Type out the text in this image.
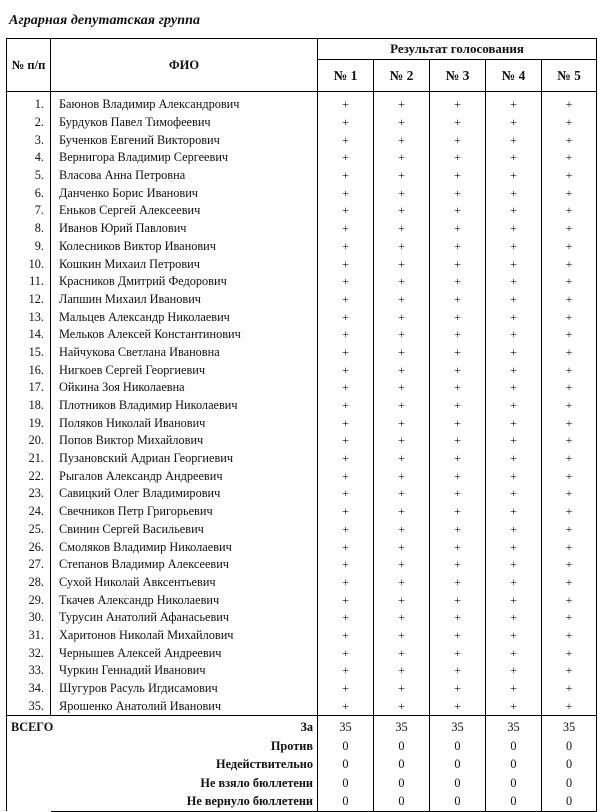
Аграрная депутатская группа
№ п/п	ФИО	Результат голосования				
		№ 1	№ 2	№ 3	№ 4	№ 5
1.	Баюнов Владимир Александрович	+	+	+	+	+
2.	Бурдуков Павел Тимофеевич	+	+	+	+	+
3.	Бученков Евгений Викторович	+	+	+	+	+
4.	Вернигора Владимир Сергеевич	+	+	+	+	+
5.	Власова Анна Петровна	+	+	+	+	+
6.	Данченко Борис Иванович	+	+	+	+	+
7.	Еньков Сергей Алексеевич	+	+	+	+	+
8.	Иванов Юрий Павлович	+	+	+	+	+
9.	Колесников Виктор Иванович	+	+	+	+	+
10.	Кошкин Михаил Петрович	+	+	+	+	+
11.	Красников Дмитрий Федорович	+	+	+	+	+
12.	Лапшин Михаил Иванович	+	+	+	+	+
13.	Мальцев Александр Николаевич	+	+	+	+	+
14.	Мельков Алексей Константинович	+	+	+	+	+
15.	Найчукова Светлана Ивановна	+	+	+	+	+
16.	Нигкоев Сергей Георгиевич	+	+	+	+	+
17.	Ойкина Зоя Николаевна	+	+	+	+	+
18.	Плотников Владимир Николаевич	+	+	+	+	+
19.	Поляков Николай Иванович	+	+	+	+	+
20.	Попов Виктор Михайлович	+	+	+	+	+
21.	Пузановский Адриан Георгиевич	+	+	+	+	+
22.	Рыгалов Александр Андреевич	+	+	+	+	+
23.	Савицкий Олег Владимирович	+	+	+	+	+
24.	Свечников Петр Григорьевич	+	+	+	+	+
25.	Свинин Сергей Васильевич	+	+	+	+	+
26.	Смоляков Владимир Николаевич	+	+	+	+	+
27.	Степанов Владимир Алексеевич	+	+	+	+	+
28.	Сухой Николай Авксентьевич	+	+	+	+	+
29.	Ткачев Александр Николаевич	+	+	+	+	+
30.	Турусин Анатолий Афанасьевич	+	+	+	+	+
31.	Харитонов Николай Михайлович	+	+	+	+	+
32.	Чернышев Алексей Андреевич	+	+	+	+	+
33.	Чуркин Геннадий Иванович	+	+	+	+	+
34.	Шугуров Расуль Игдисамович	+	+	+	+	+
35.	Ярошенко Анатолий Иванович	+	+	+	+	+
ВСЕГО	За	35	35	35	35	35
	Против	0	0	0	0	0
	Недействительно	0	0	0	0	0
	Не взяло бюллетени	0	0	0	0	0
	Не вернуло бюллетени	0	0	0	0	0
